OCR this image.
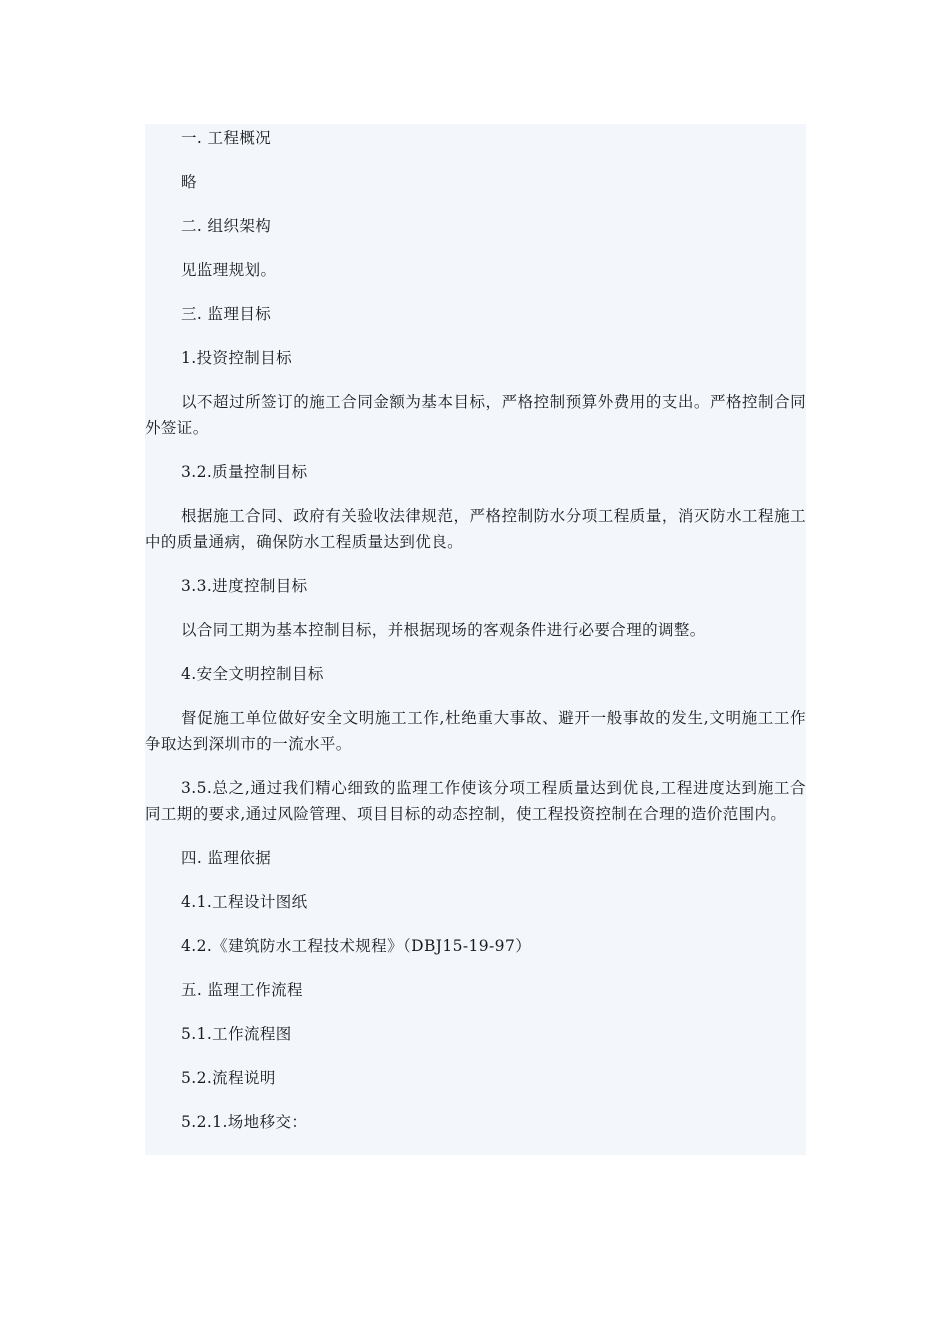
一. 工程概况

略

二. 组织架构

见监理规划。

三. 监理目标

1.投资控制目标

以不超过所签订的施工合同金额为基本目标，严格控制预算外费用的支出。严格控制合同外签证。

3.2.质量控制目标

根据施工合同、政府有关验收法律规范，严格控制防水分项工程质量，消灭防水工程施工中的质量通病，确保防水工程质量达到优良。

3.3.进度控制目标

以合同工期为基本控制目标，并根据现场的客观条件进行必要合理的调整。

4.安全文明控制目标

督促施工单位做好安全文明施工工作,杜绝重大事故、避开一般事故的发生,文明施工工作争取达到深圳市的一流水平。

3.5.总之,通过我们精心细致的监理工作使该分项工程质量达到优良,工程进度达到施工合同工期的要求,通过风险管理、项目目标的动态控制，使工程投资控制在合理的造价范围内。

四. 监理依据

4.1.工程设计图纸

4.2.《建筑防水工程技术规程》（DBJ15-19-97）

五. 监理工作流程

5.1.工作流程图

5.2.流程说明

5.2.1.场地移交：
